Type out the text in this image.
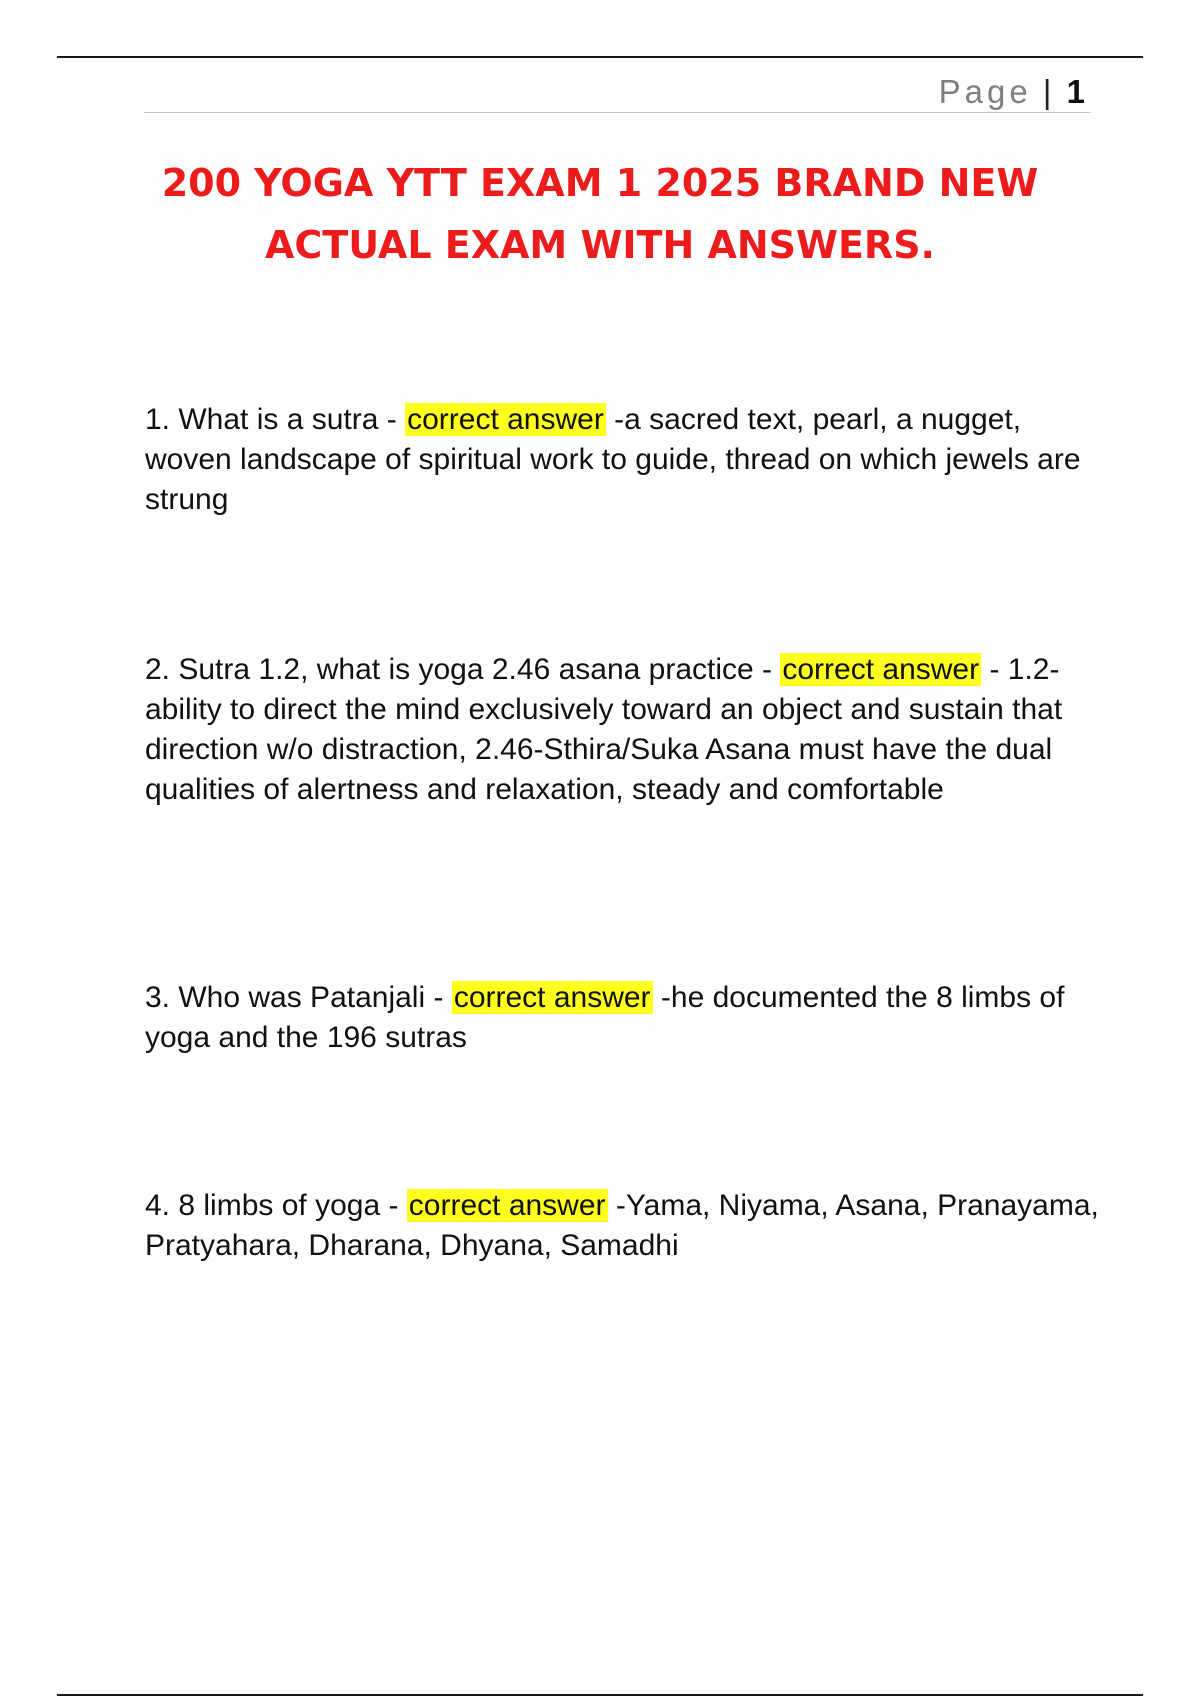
Page | 1
200 YOGA YTT EXAM 1 2025 BRAND NEW ACTUAL EXAM WITH ANSWERS.

1. What is a sutra - correct answer -a sacred text, pearl, a nugget, woven landscape of spiritual work to guide, thread on which jewels are strung

2. Sutra 1.2, what is yoga 2.46 asana practice - correct answer - 1.2-ability to direct the mind exclusively toward an object and sustain that direction w/o distraction, 2.46-Sthira/Suka Asana must have the dual qualities of alertness and relaxation, steady and comfortable

3. Who was Patanjali - correct answer -he documented the 8 limbs of yoga and the 196 sutras

4. 8 limbs of yoga - correct answer -Yama, Niyama, Asana, Pranayama, Pratyahara, Dharana, Dhyana, Samadhi
